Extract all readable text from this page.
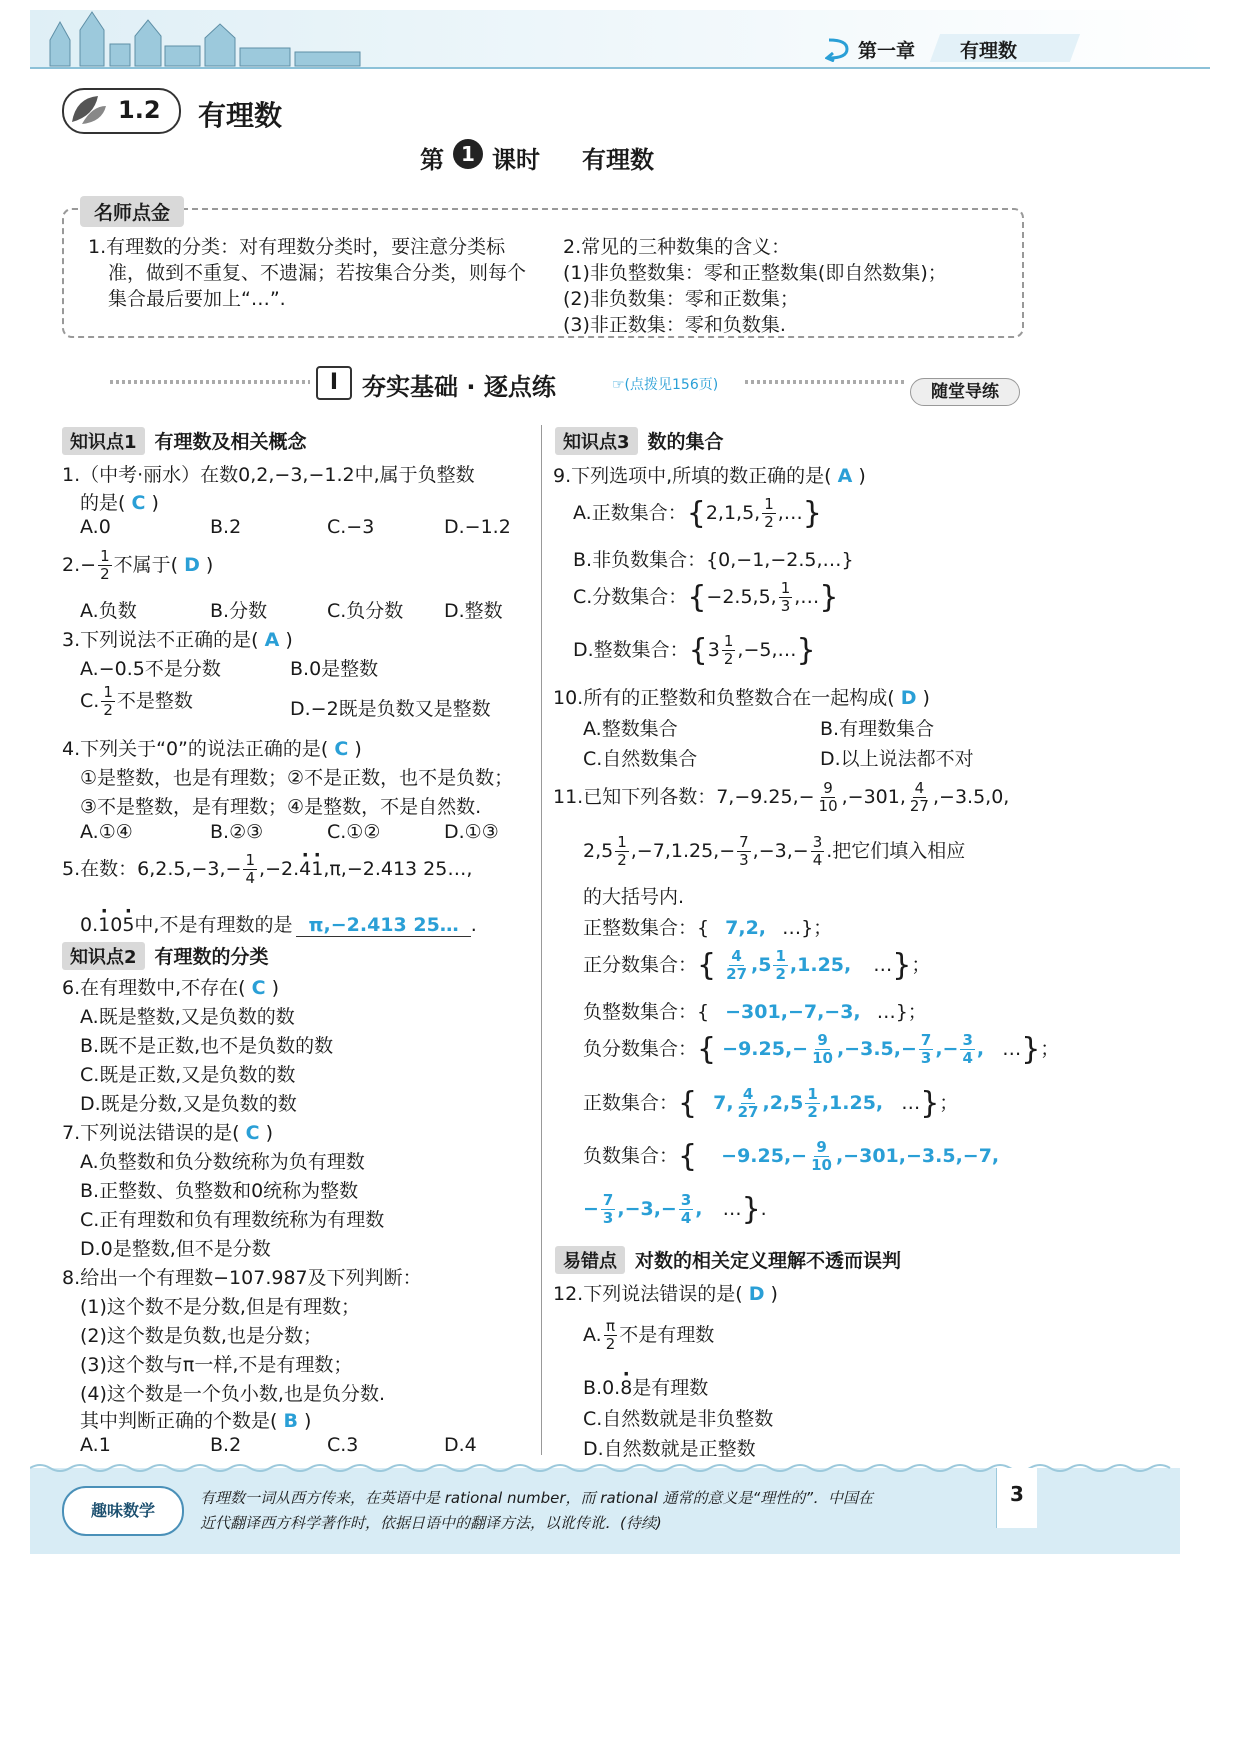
第一章 有理数
1.2 有理数
第 1 课时 有理数
名师点金
1.有理数的分类：对有理数分类时，要注意分类标
准，做到不重复、不遗漏；若按集合分类，则每个
集合最后要加上“…”.
2.常见的三种数集的含义：
(1)非负整数集：零和正整数集(即自然数集)；
(2)非负数集：零和正数集；
(3)非正数集：零和负数集.
I 夯实基础 · 逐点练	☞(点拨见156页)	随堂导练
知识点1 有理数及相关概念
1.（中考·丽水）在数0,2,−3,−1.2中,属于负整数
的是( C )
A.0	B.2	C.−3	D.−1.2
$2.- \frac{1}{2}$ 不属于( D )
A.负数	B.分数	C.负分数 D.整数
3.下列说法不正确的是( A )
A.−0.5不是分数	B.0是整数
C. $\frac{1}{2}$ 不是整数	D.−2既是负数又是整数
4.下列关于“0”的说法正确的是( C )
①是整数，也是有理数；②不是正数，也不是负数；
③不是整数，是有理数；④是整数，不是自然数.
A.①④	B.②③	C.①②	D.①③
5.在数：$6,2.5,-3,- \frac{1}{4} ,-2.\cdot 4\cdot 1,\pi,-2.413$ 25…,
0.· 10· 5中,不是有理数的是 π,−2.413 25… .
知识点2 有理数的分类
6.在有理数中,不存在( C )
A.既是整数,又是负数的数
B.既不是正数,也不是负数的数
C.既是正数,又是负数的数
D.既是分数,又是负数的数
7.下列说法错误的是( C )
A.负整数和负分数统称为负有理数
B.正整数、负整数和0统称为整数
C.正有理数和负有理数统称为有理数
D.0是整数,但不是分数
8.给出一个有理数−107.987及下列判断：
(1)这个数不是分数,但是有理数；
(2)这个数是负数,也是分数；
(3)这个数与π一样,不是有理数；
(4)这个数是一个负小数,也是负分数.
其中判断正确的个数是( B )
A.1	B.2	C.3	D.4
知识点3 数的集合
9.下列选项中,所填的数正确的是( A )
A.正数集合：{2,1,5, $\frac{1}{2}$ ,…}
B.非负数集合：{0,−1,−2.5,…}
C.分数集合：{−2.5,5, $\frac{1}{3}$ ,…}
D.整数集合：{$3 \frac{1}{2}$ ,−5,…}
10.所有的正整数和负整数合在一起构成( D )
A.整数集合	B.有理数集合
C.自然数集合	D.以上说法都不对
11.已知下列各数：$7,-9.25,- \frac{9}{10} ,-301$, $\frac{4}{27} ,-3.5,0$,
$2,5 \frac{1}{2} ,-7,1.25,- \frac{7}{3} ,-3,- \frac{3}{4}$ .把它们填入相应
的大括号内.
正整数集合：{ 7,2, …}；
正分数集合：{ $\frac{4}{27} ,5 \frac{1}{2} ,1.25$, …}；
负整数集合：{ −301,−7,−3, …}；
负分数集合：{ $-9.25,- \frac{9}{10} ,-3.5,- \frac{7}{3}$ ,− $\frac{3}{4}$ , …}；
正数集合：{ 7, $\frac{4}{27} ,2,5 \frac{1}{2} ,1.25$, …}；
负数集合：{ $-9.25,- \frac{9}{10} ,-301,-3.5,-7$,
− $\frac{7}{3} ,-3,- \frac{3}{4}$ , …}.
易错点 对数的相关定义理解不透而误判
12.下列说法错误的是( D )
A. $\frac{\pi}{2}$ 不是有理数
B.0.· 8是有理数
C.自然数就是非负整数
D.自然数就是正整数
趣味数学
有理数一词从西方传来，在英语中是 rational number，而 rational 通常的意义是“理性的”．中国在
近代翻译西方科学著作时，依据日语中的翻译方法，以讹传讹．(待续)
3
